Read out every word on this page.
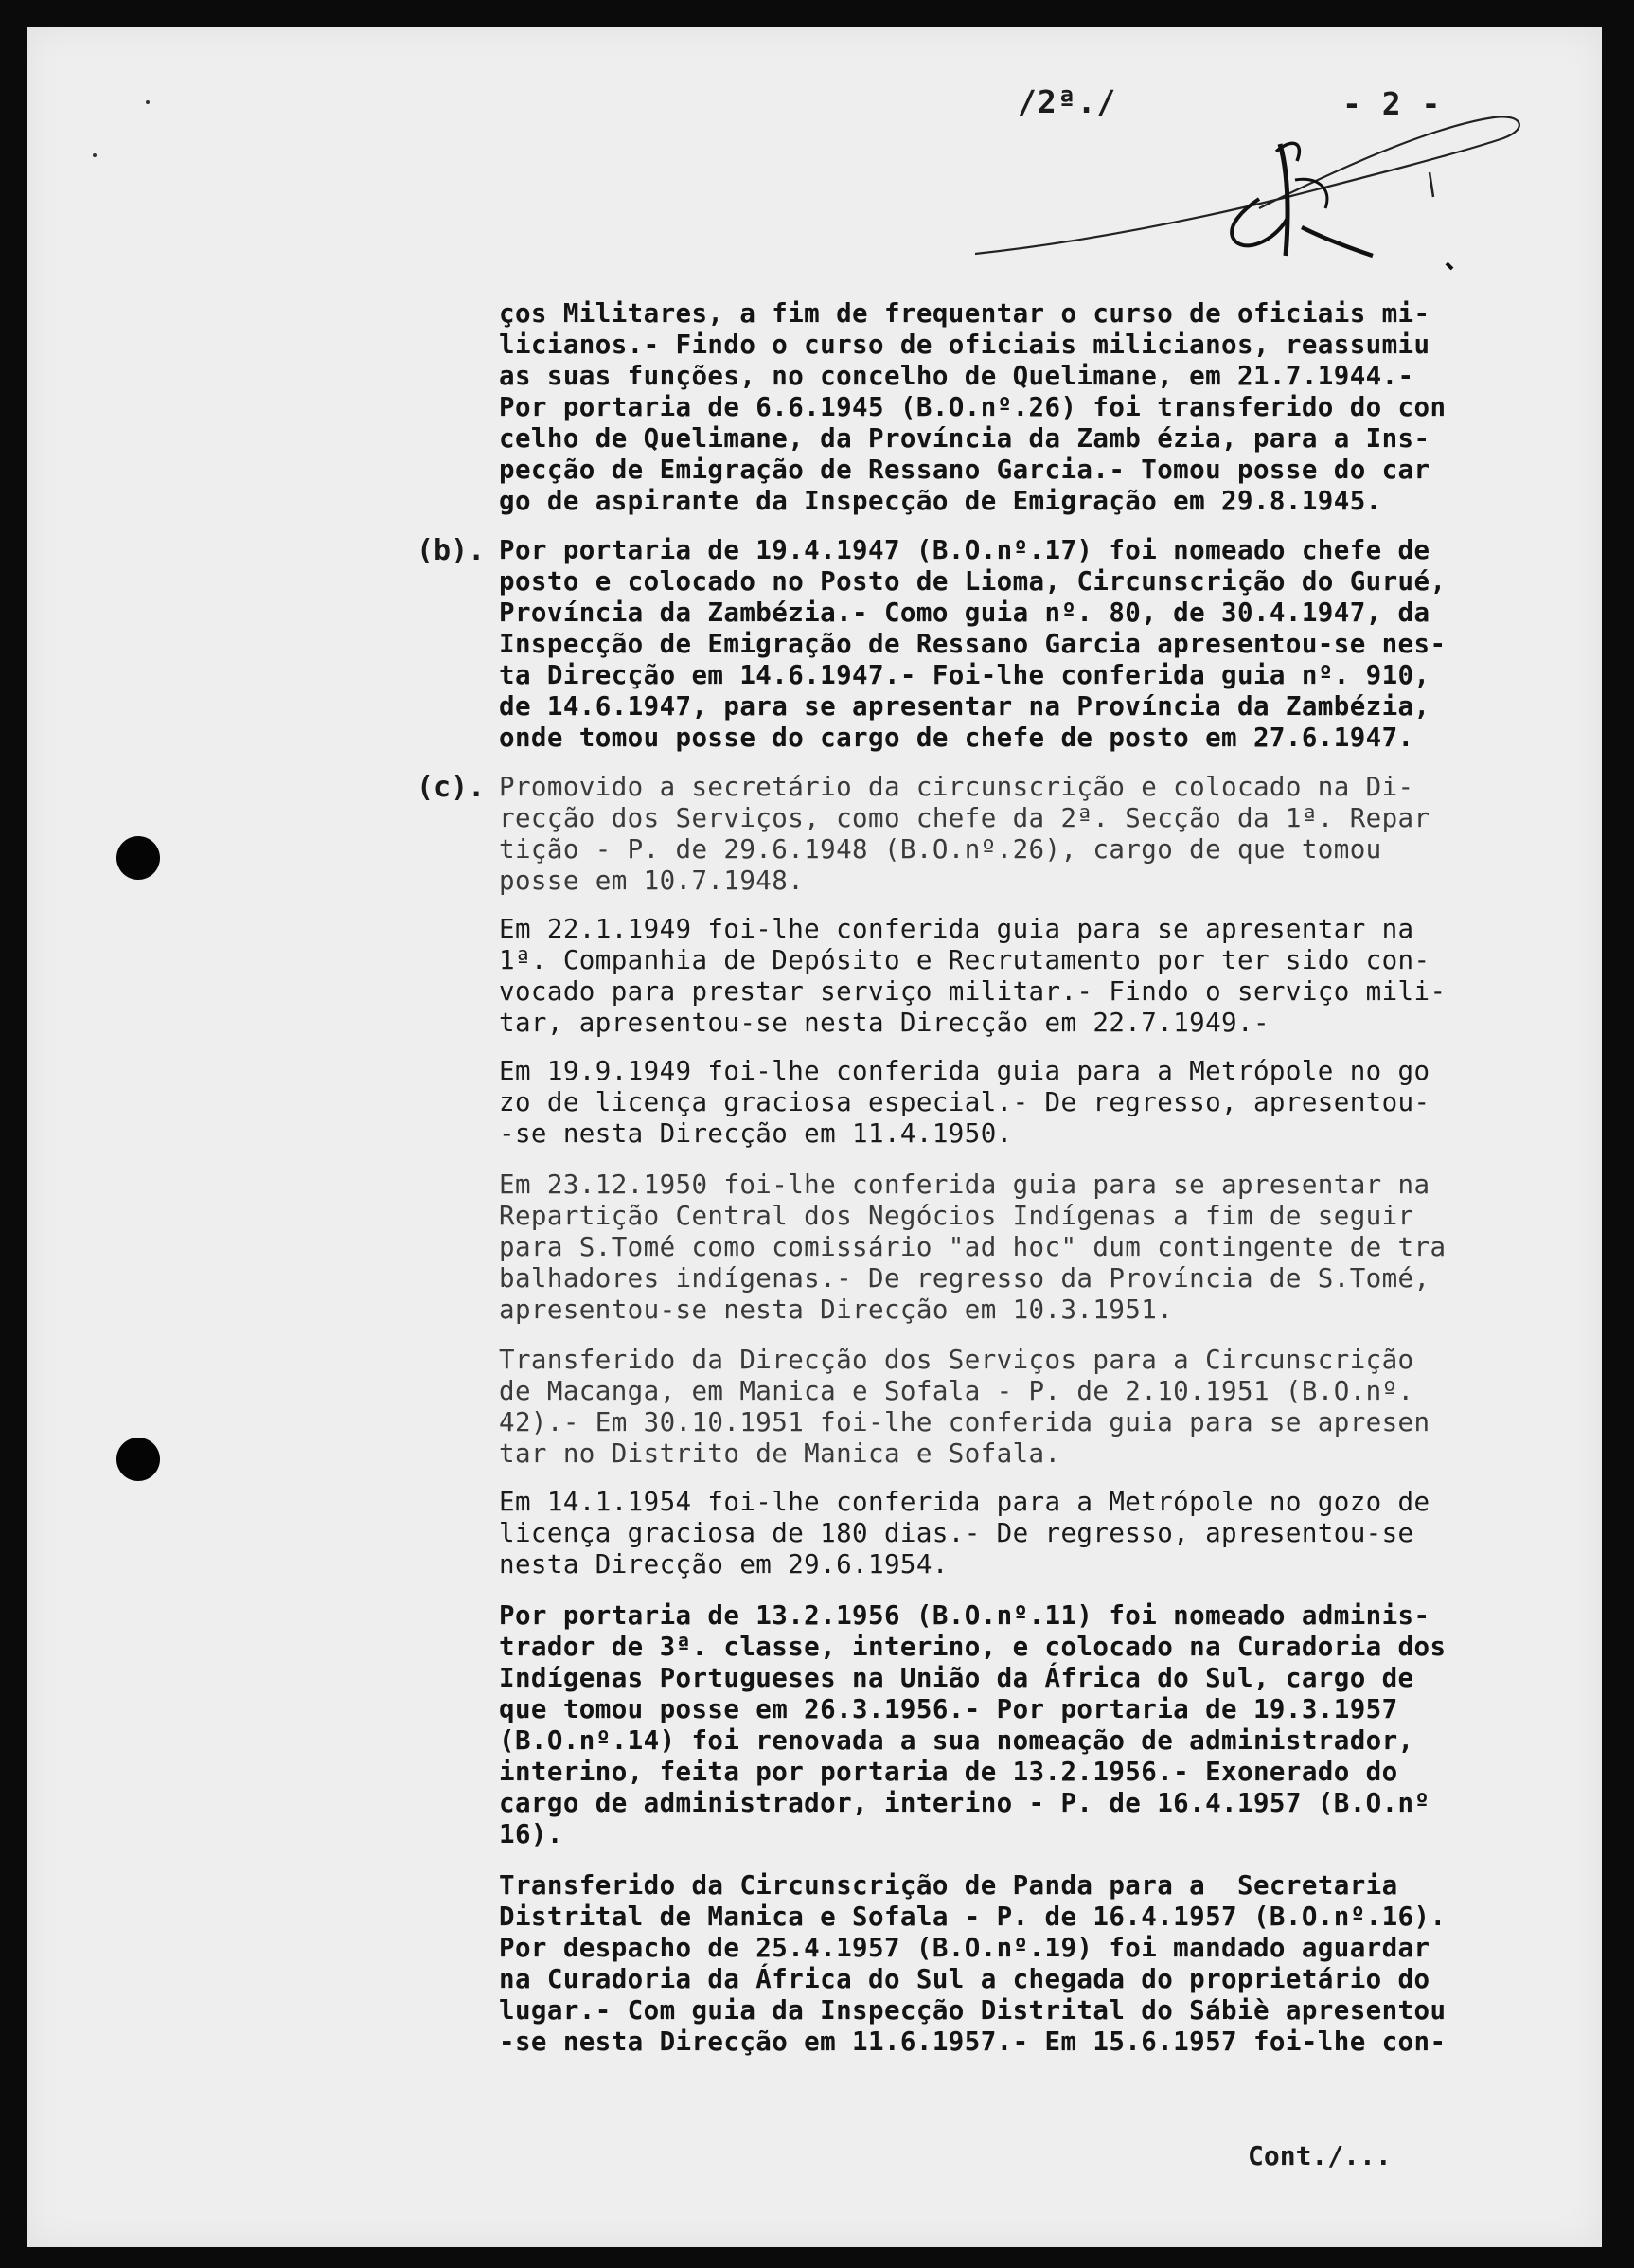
/2ª./	- 2 -
ços Militares, a fim de frequentar o curso de oficiais mi-
licianos.- Findo o curso de oficiais milicianos, reassumiu
as suas funções, no concelho de Quelimane, em 21.7.1944.-
Por portaria de 6.6.1945 (B.O.nº.26) foi transferido do con
celho de Quelimane, da Província da Zamb ézia, para a Ins-
pecção de Emigração de Ressano Garcia.- Tomou posse do car
go de aspirante da Inspecção de Emigração em 29.8.1945.
(b). Por portaria de 19.4.1947 (B.O.nº.17) foi nomeado chefe de
posto e colocado no Posto de Lioma, Circunscrição do Gurué,
Província da Zambézia.- Como guia nº. 80, de 30.4.1947, da
Inspecção de Emigração de Ressano Garcia apresentou-se nes-
ta Direcção em 14.6.1947.- Foi-lhe conferida guia nº. 910,
de 14.6.1947, para se apresentar na Província da Zambézia,
onde tomou posse do cargo de chefe de posto em 27.6.1947.
(c). Promovido a secretário da circunscrição e colocado na Di-
recção dos Serviços, como chefe da 2ª. Secção da 1ª. Repar
tição - P. de 29.6.1948 (B.O.nº.26), cargo de que tomou
posse em 10.7.1948.
Em 22.1.1949 foi-lhe conferida guia para se apresentar na
1ª. Companhia de Depósito e Recrutamento por ter sido con-
vocado para prestar serviço militar.- Findo o serviço mili-
tar, apresentou-se nesta Direcção em 22.7.1949.-
Em 19.9.1949 foi-lhe conferida guia para a Metrópole no go
zo de licença graciosa especial.- De regresso, apresentou-
-se nesta Direcção em 11.4.1950.
Em 23.12.1950 foi-lhe conferida guia para se apresentar na
Repartição Central dos Negócios Indígenas a fim de seguir
para S.Tomé como comissário "ad hoc" dum contingente de tra
balhadores indígenas.- De regresso da Província de S.Tomé,
apresentou-se nesta Direcção em 10.3.1951.
Transferido da Direcção dos Serviços para a Circunscrição
de Macanga, em Manica e Sofala - P. de 2.10.1951 (B.O.nº.
42).- Em 30.10.1951 foi-lhe conferida guia para se apresen
tar no Distrito de Manica e Sofala.
Em 14.1.1954 foi-lhe conferida para a Metrópole no gozo de
licença graciosa de 180 dias.- De regresso, apresentou-se
nesta Direcção em 29.6.1954.
Por portaria de 13.2.1956 (B.O.nº.11) foi nomeado adminis-
trador de 3ª. classe, interino, e colocado na Curadoria dos
Indígenas Portugueses na União da África do Sul, cargo de
que tomou posse em 26.3.1956.- Por portaria de 19.3.1957
(B.O.nº.14) foi renovada a sua nomeação de administrador,
interino, feita por portaria de 13.2.1956.- Exonerado do
cargo de administrador, interino - P. de 16.4.1957 (B.O.nº
16).
Transferido da Circunscrição de Panda para a  Secretaria
Distrital de Manica e Sofala - P. de 16.4.1957 (B.O.nº.16).
Por despacho de 25.4.1957 (B.O.nº.19) foi mandado aguardar
na Curadoria da África do Sul a chegada do proprietário do
lugar.- Com guia da Inspecção Distrital do Sábiè apresentou
-se nesta Direcção em 11.6.1957.- Em 15.6.1957 foi-lhe con-
Cont./...
